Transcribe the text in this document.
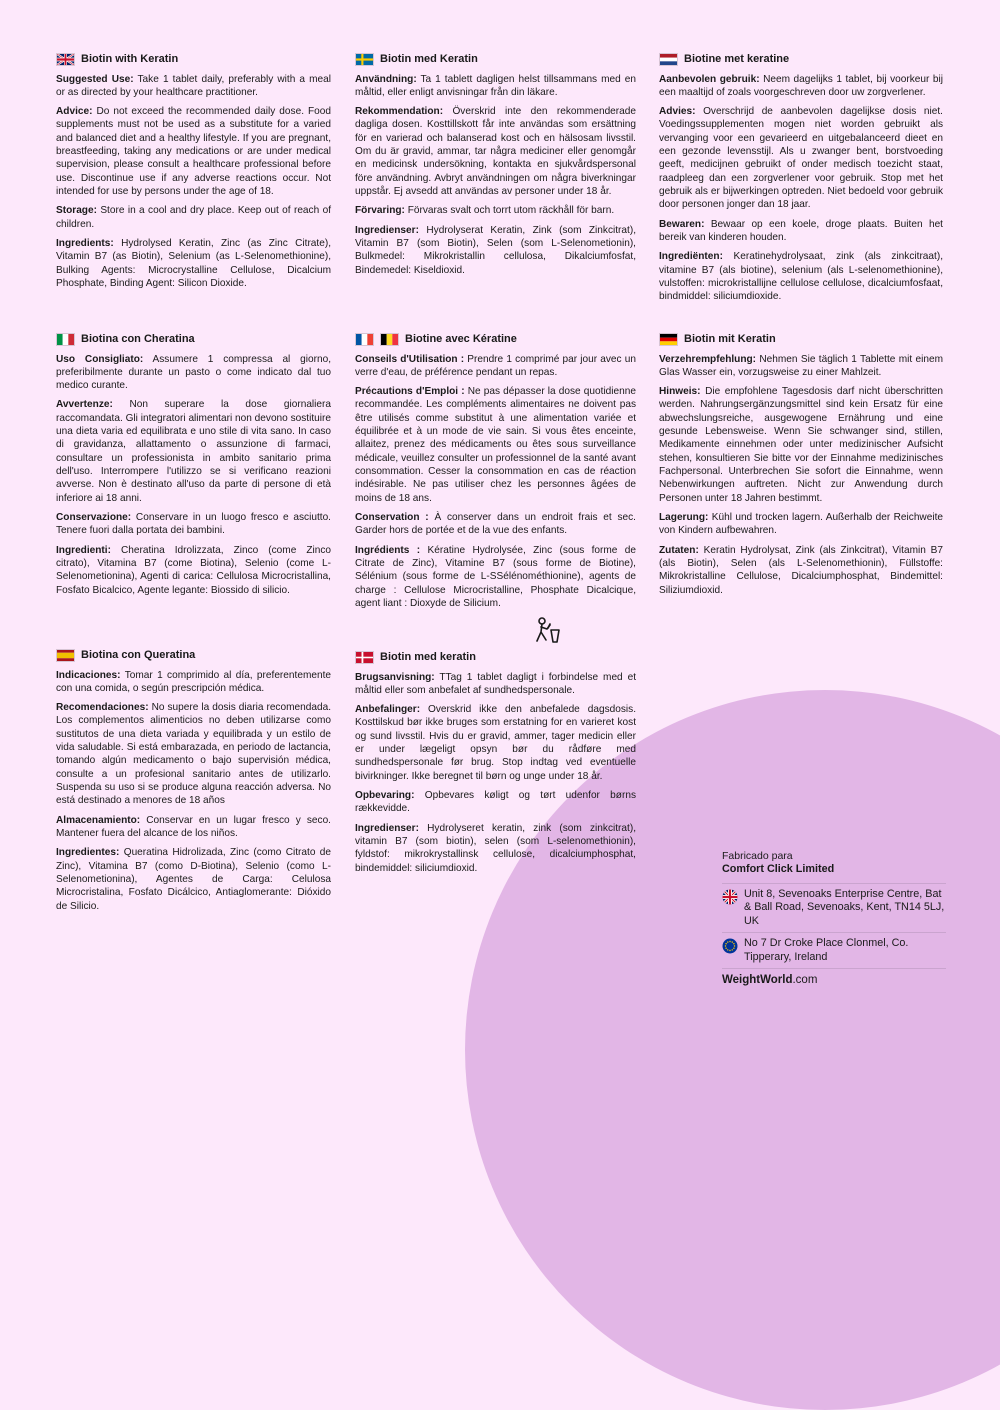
Biotin with Keratin

Suggested Use: Take 1 tablet daily, preferably with a meal or as directed by your healthcare practitioner.

Advice: Do not exceed the recommended daily dose. Food supplements must not be used as a substitute for a varied and balanced diet and a healthy lifestyle. If you are pregnant, breastfeeding, taking any medications or are under medical supervision, please consult a healthcare professional before use. Discontinue use if any adverse reactions occur. Not intended for use by persons under the age of 18.

Storage: Store in a cool and dry place. Keep out of reach of children.

Ingredients: Hydrolysed Keratin, Zinc (as Zinc Citrate), Vitamin B7 (as Biotin), Selenium (as L-Selenomethionine), Bulking Agents: Microcrystalline Cellulose, Dicalcium Phosphate, Binding Agent: Silicon Dioxide.

Biotin med Keratin

Användning: Ta 1 tablett dagligen helst tillsammans med en måltid, eller enligt anvisningar från din läkare.

Rekommendation: Överskrid inte den rekommenderade dagliga dosen. Kosttillskott får inte användas som ersättning för en varierad och balanserad kost och en hälsosam livsstil. Om du är gravid, ammar, tar några mediciner eller genomgår en medicinsk undersökning, kontakta en sjukvårdspersonal före användning. Avbryt användningen om några biverkningar uppstår. Ej avsedd att användas av personer under 18 år.

Förvaring: Förvaras svalt och torrt utom räckhåll för barn.

Ingredienser: Hydrolyserat Keratin, Zink (som Zinkcitrat), Vitamin B7 (som Biotin), Selen (som L-Selenometionin), Bulkmedel: Mikrokristallin cellulosa, Dikalciumfosfat, Bindemedel: Kiseldioxid.

Biotine met keratine

Aanbevolen gebruik: Neem dagelijks 1 tablet, bij voorkeur bij een maaltijd of zoals voorgeschreven door uw zorgverlener.

Advies: Overschrijd de aanbevolen dagelijkse dosis niet. Voedingssupplementen mogen niet worden gebruikt als vervanging voor een gevarieerd en uitgebalanceerd dieet en een gezonde levensstijl. Als u zwanger bent, borstvoeding geeft, medicijnen gebruikt of onder medisch toezicht staat, raadpleeg dan een zorgverlener voor gebruik. Stop met het gebruik als er bijwerkingen optreden. Niet bedoeld voor gebruik door personen jonger dan 18 jaar.

Bewaren: Bewaar op een koele, droge plaats. Buiten het bereik van kinderen houden.

Ingrediënten: Keratinehydrolysaat, zink (als zinkcitraat), vitamine B7 (als biotine), selenium (als L-selenomethionine), vulstoffen: microkristallijne cellulose cellulose, dicalciumfosfaat, bindmiddel: siliciumdioxide.

Biotina con Cheratina

Uso Consigliato: Assumere 1 compressa al giorno, preferibilmente durante un pasto o come indicato dal tuo medico curante.

Avvertenze: Non superare la dose giornaliera raccomandata. Gli integratori alimentari non devono sostituire una dieta varia ed equilibrata e uno stile di vita sano. In caso di gravidanza, allattamento o assunzione di farmaci, consultare un professionista in ambito sanitario prima dell'uso. Interrompere l'utilizzo se si verificano reazioni avverse. Non è destinato all'uso da parte di persone di età inferiore ai 18 anni.

Conservazione: Conservare in un luogo fresco e asciutto. Tenere fuori dalla portata dei bambini.

Ingredienti: Cheratina Idrolizzata, Zinco (come Zinco citrato), Vitamina B7 (come Biotina), Selenio (come L-Selenometionina), Agenti di carica: Cellulosa Microcristallina, Fosfato Bicalcico, Agente legante: Biossido di silicio.

Biotine avec Kératine

Conseils d'Utilisation : Prendre 1 comprimé par jour avec un verre d'eau, de préférence pendant un repas.

Précautions d'Emploi : Ne pas dépasser la dose quotidienne recommandée. Les compléments alimentaires ne doivent pas être utilisés comme substitut à une alimentation variée et équilibrée et à un mode de vie sain. Si vous êtes enceinte, allaitez, prenez des médicaments ou êtes sous surveillance médicale, veuillez consulter un professionnel de la santé avant consommation. Cesser la consommation en cas de réaction indésirable. Ne pas utiliser chez les personnes âgées de moins de 18 ans.

Conservation : À conserver dans un endroit frais et sec. Garder hors de portée et de la vue des enfants.

Ingrédients : Kératine Hydrolysée, Zinc (sous forme de Citrate de Zinc), Vitamine B7 (sous forme de Biotine), Sélénium (sous forme de L-SSélénométhionine), agents de charge : Cellulose Microcristalline, Phosphate Dicalcique, agent liant : Dioxyde de Silicium.

Biotin mit Keratin

Verzehrempfehlung: Nehmen Sie täglich 1 Tablette mit einem Glas Wasser ein, vorzugsweise zu einer Mahlzeit.

Hinweis: Die empfohlene Tagesdosis darf nicht überschritten werden. Nahrungsergänzungsmittel sind kein Ersatz für eine abwechslungsreiche, ausgewogene Ernährung und eine gesunde Lebensweise. Wenn Sie schwanger sind, stillen, Medikamente einnehmen oder unter medizinischer Aufsicht stehen, konsultieren Sie bitte vor der Einnahme medizinisches Fachpersonal. Unterbrechen Sie sofort die Einnahme, wenn Nebenwirkungen auftreten. Nicht zur Anwendung durch Personen unter 18 Jahren bestimmt.

Lagerung: Kühl und trocken lagern. Außerhalb der Reichweite von Kindern aufbewahren.

Zutaten: Keratin Hydrolysat, Zink (als Zinkcitrat), Vitamin B7 (als Biotin), Selen (als L-Selenomethionin), Füllstoffe: Mikrokristalline Cellulose, Dicalciumphosphat, Bindemittel: Siliziumdioxid.

Biotina con Queratina

Indicaciones: Tomar 1 comprimido al día, preferentemente con una comida, o según prescripción médica.

Recomendaciones: No supere la dosis diaria recomendada. Los complementos alimenticios no deben utilizarse como sustitutos de una dieta variada y equilibrada y un estilo de vida saludable. Si está embarazada, en periodo de lactancia, tomando algún medicamento o bajo supervisión médica, consulte a un profesional sanitario antes de utilizarlo. Suspenda su uso si se produce alguna reacción adversa. No está destinado a menores de 18 años

Almacenamiento: Conservar en un lugar fresco y seco. Mantener fuera del alcance de los niños.

Ingredientes: Queratina Hidrolizada, Zinc (como Citrato de Zinc), Vitamina B7 (como D-Biotina), Selenio (como L-Selenometionina), Agentes de Carga: Celulosa Microcristalina, Fosfato Dicálcico, Antiaglomerante: Dióxido de Silicio.

Biotin med keratin

Brugsanvisning: TTag 1 tablet dagligt i forbindelse med et måltid eller som anbefalet af sundhedspersonale.

Anbefalinger: Overskrid ikke den anbefalede dagsdosis. Kosttilskud bør ikke bruges som erstatning for en varieret kost og sund livsstil. Hvis du er gravid, ammer, tager medicin eller er under lægeligt opsyn bør du rådføre med sundhedspersonale før brug. Stop indtag ved eventuelle bivirkninger. Ikke beregnet til børn og unge under 18 år.

Opbevaring: Opbevares køligt og tørt udenfor børns rækkevidde.

Ingredienser: Hydrolyseret keratin, zink (som zinkcitrat), vitamin B7 (som biotin), selen (som L-selenomethionin), fyldstof: mikrokrystallinsk cellulose, dicalciumphosphat, bindemiddel: siliciumdioxid.

Fabricado para
Comfort Click Limited
Unit 8, Sevenoaks Enterprise Centre, Bat & Ball Road, Sevenoaks, Kent, TN14 5LJ, UK
No 7 Dr Croke Place Clonmel, Co. Tipperary, Ireland
WeightWorld.com
